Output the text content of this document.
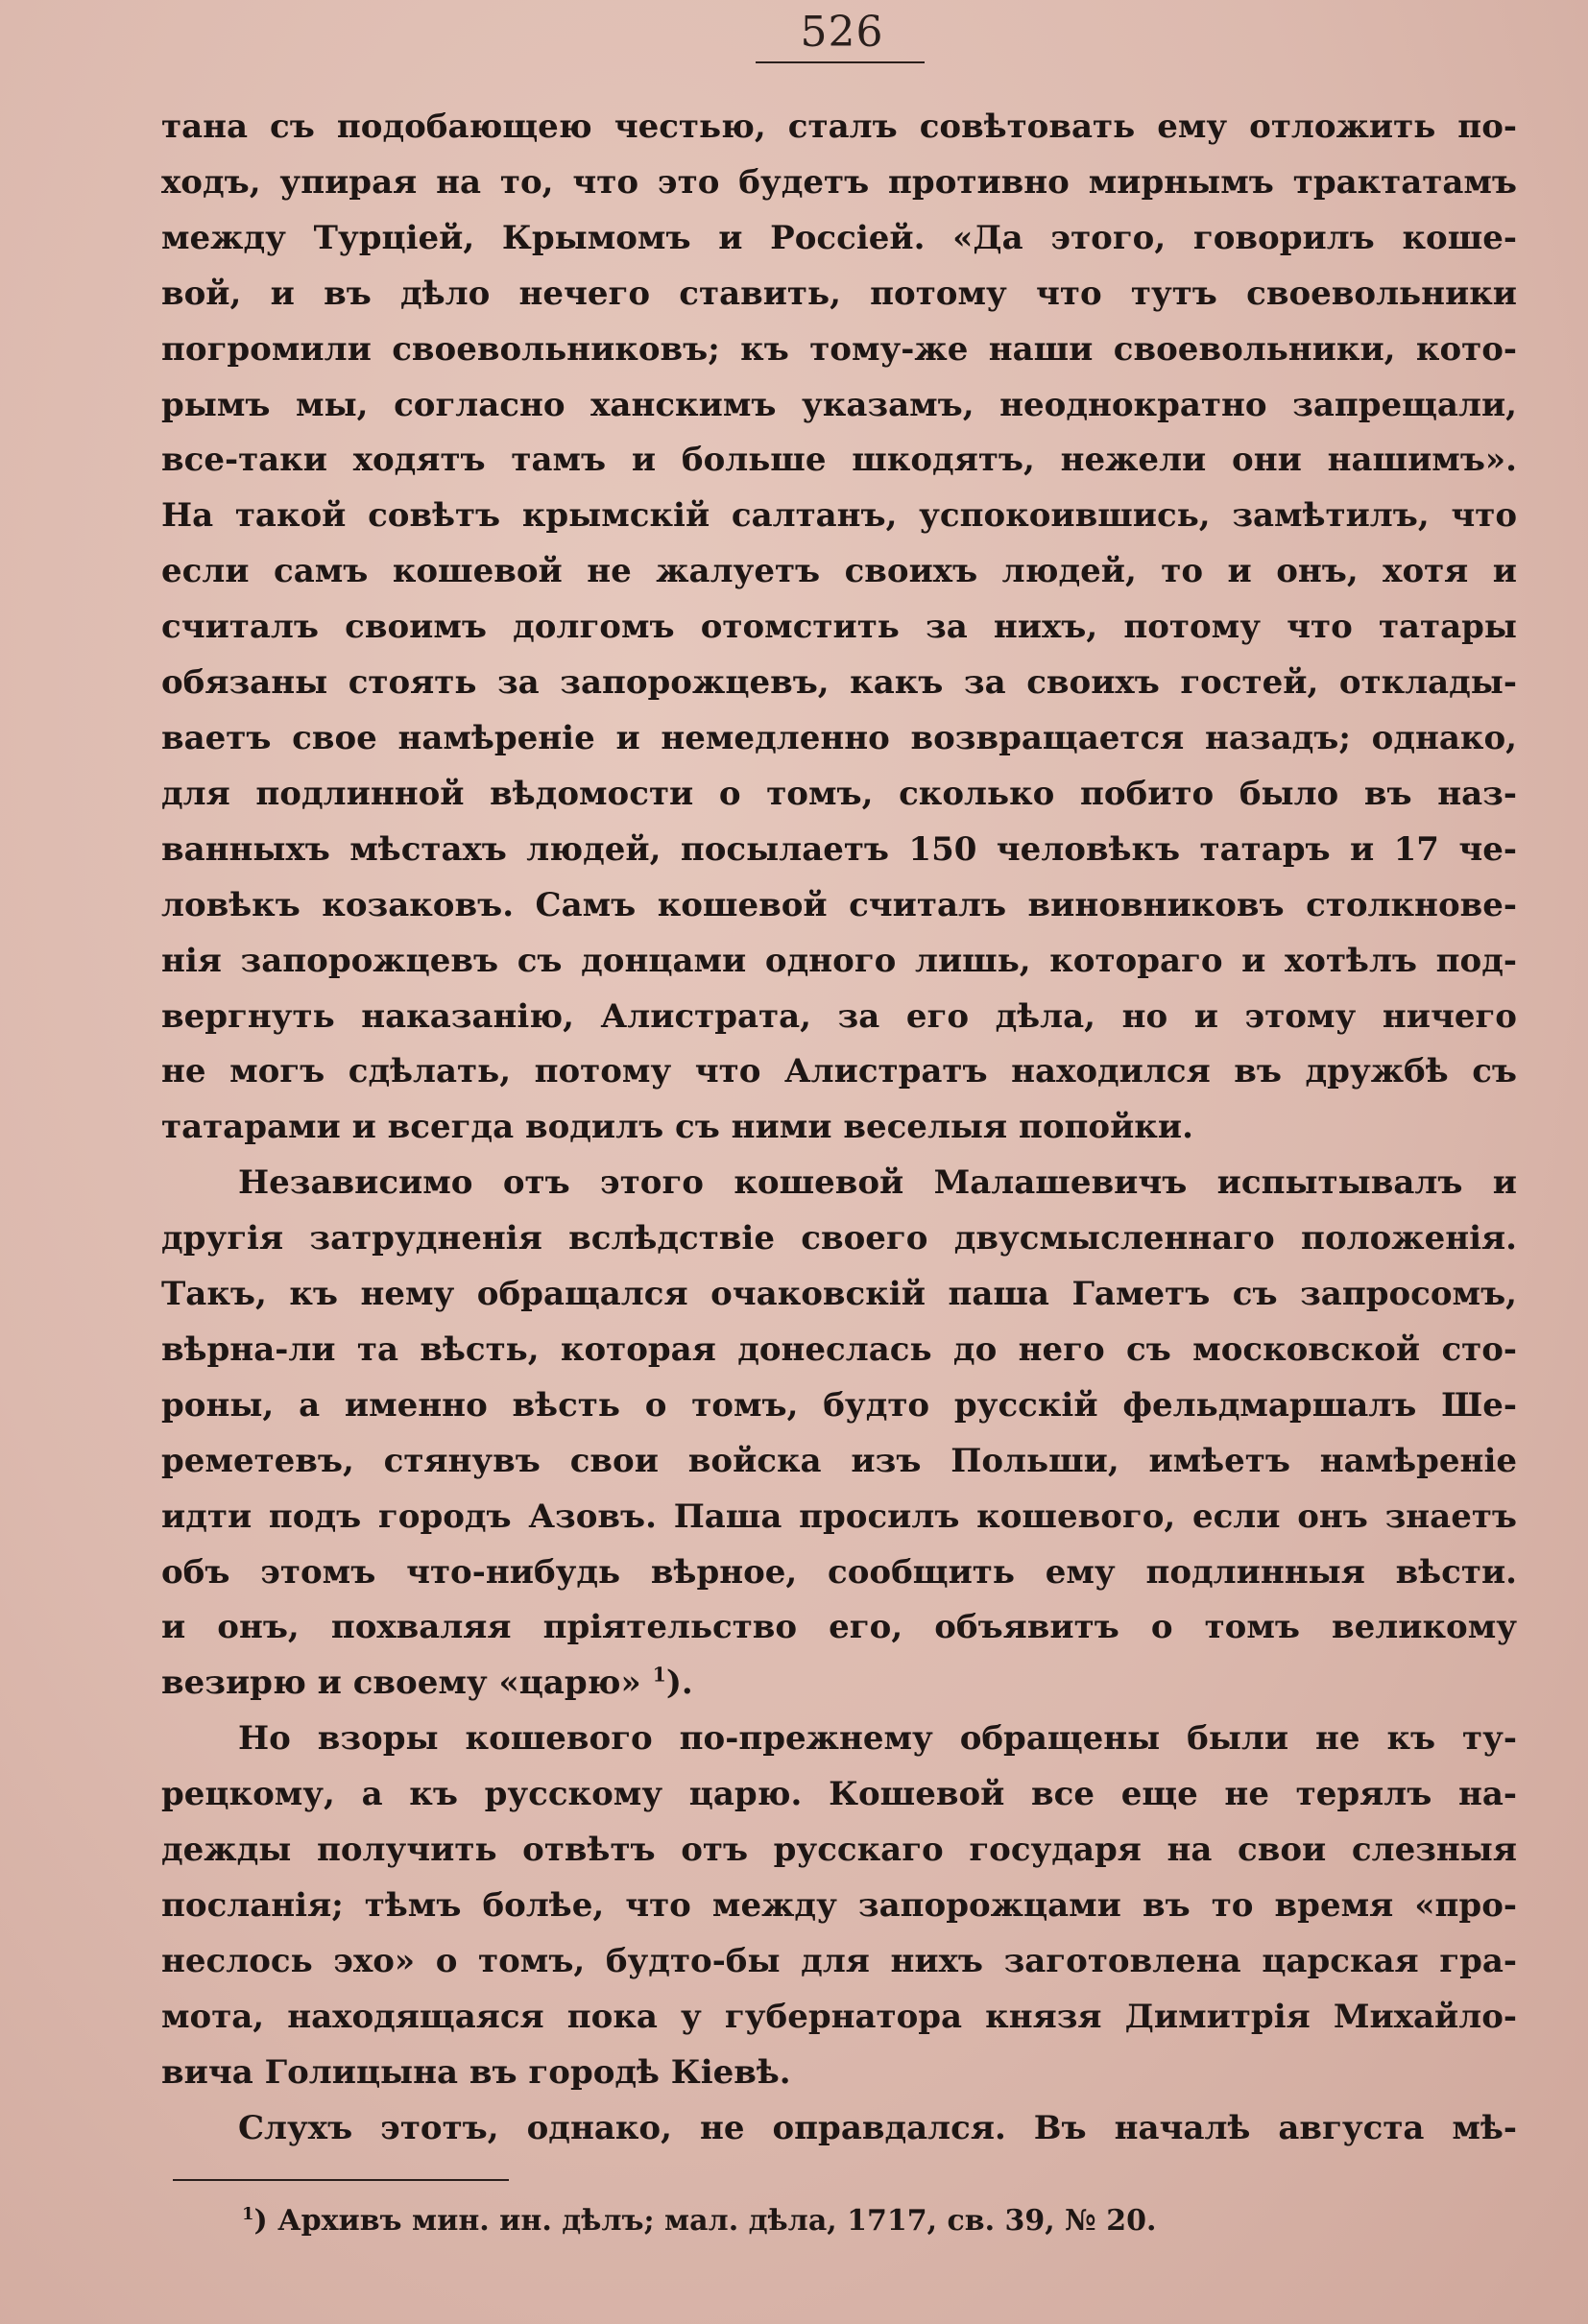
526

тана съ подобающею честью, сталъ совѣтовать ему отложить по-

ходъ, упирая на то, что это будетъ противно мирнымъ трактатамъ

между Турціей, Крымомъ и Россіей. «Да этого, говорилъ коше-

вой, и въ дѣло нечего ставить, потому что тутъ своевольники

погромили своевольниковъ; къ тому-же наши своевольники, кото-

рымъ мы, согласно ханскимъ указамъ, неоднократно запрещали,

все-таки ходятъ тамъ и больше шкодятъ, нежели они нашимъ».

На такой совѣтъ крымскій салтанъ, успокоившись, замѣтилъ, что

если самъ кошевой не жалуетъ своихъ людей, то и онъ, хотя и

считалъ своимъ долгомъ отомстить за нихъ, потому что татары

обязаны стоять за запорожцевъ, какъ за своихъ гостей, отклады-

ваетъ свое намѣреніе и немедленно возвращается назадъ; однако,

для подлинной вѣдомости о томъ, сколько побито было въ наз-

ванныхъ мѣстахъ людей, посылаетъ 150 человѣкъ татаръ и 17 че-

ловѣкъ козаковъ. Самъ кошевой считалъ виновниковъ столкнове-

нія запорожцевъ съ донцами одного лишь, котораго и хотѣлъ под-

вергнуть наказанію, Алистрата, за его дѣла, но и этому ничего

не могъ сдѣлать, потому что Алистратъ находился въ дружбѣ съ

татарами и всегда водилъ съ ними веселыя попойки.

Независимо отъ этого кошевой Малашевичъ испытывалъ и

другія затрудненія вслѣдствіе своего двусмысленнаго положенія.

Такъ, къ нему обращался очаковскій паша Гаметъ съ запросомъ,

вѣрна-ли та вѣсть, которая донеслась до него съ московской сто-

роны, а именно вѣсть о томъ, будто русскій фельдмаршалъ Ше-

реметевъ, стянувъ свои войска изъ Польши, имѣетъ намѣреніе

идти подъ городъ Азовъ. Паша просилъ кошевого, если онъ знаетъ

объ этомъ что-нибудь вѣрное, сообщить ему подлинныя вѣсти.

и онъ, похваляя пріятельство его, объявитъ о томъ великому

везирю и своему «царю» $^1$).

Но взоры кошевого по-прежнему обращены были не къ ту-

рецкому, а къ русскому царю. Кошевой все еще не терялъ на-

дежды получить отвѣтъ отъ русскаго государя на свои слезныя

посланія; тѣмъ болѣе, что между запорожцами въ то время «про-

неслось эхо» о томъ, будто-бы для нихъ заготовлена царская гра-

мота, находящаяся пока у губернатора князя Димитрія Михайло-

вича Голицына въ городѣ Кіевѣ.

Слухъ этотъ, однако, не оправдался. Въ началѣ августа мѣ-

$^1$) Архивъ мин. ин. дѣлъ; мал. дѣла, 1717, св. 39, № 20.
